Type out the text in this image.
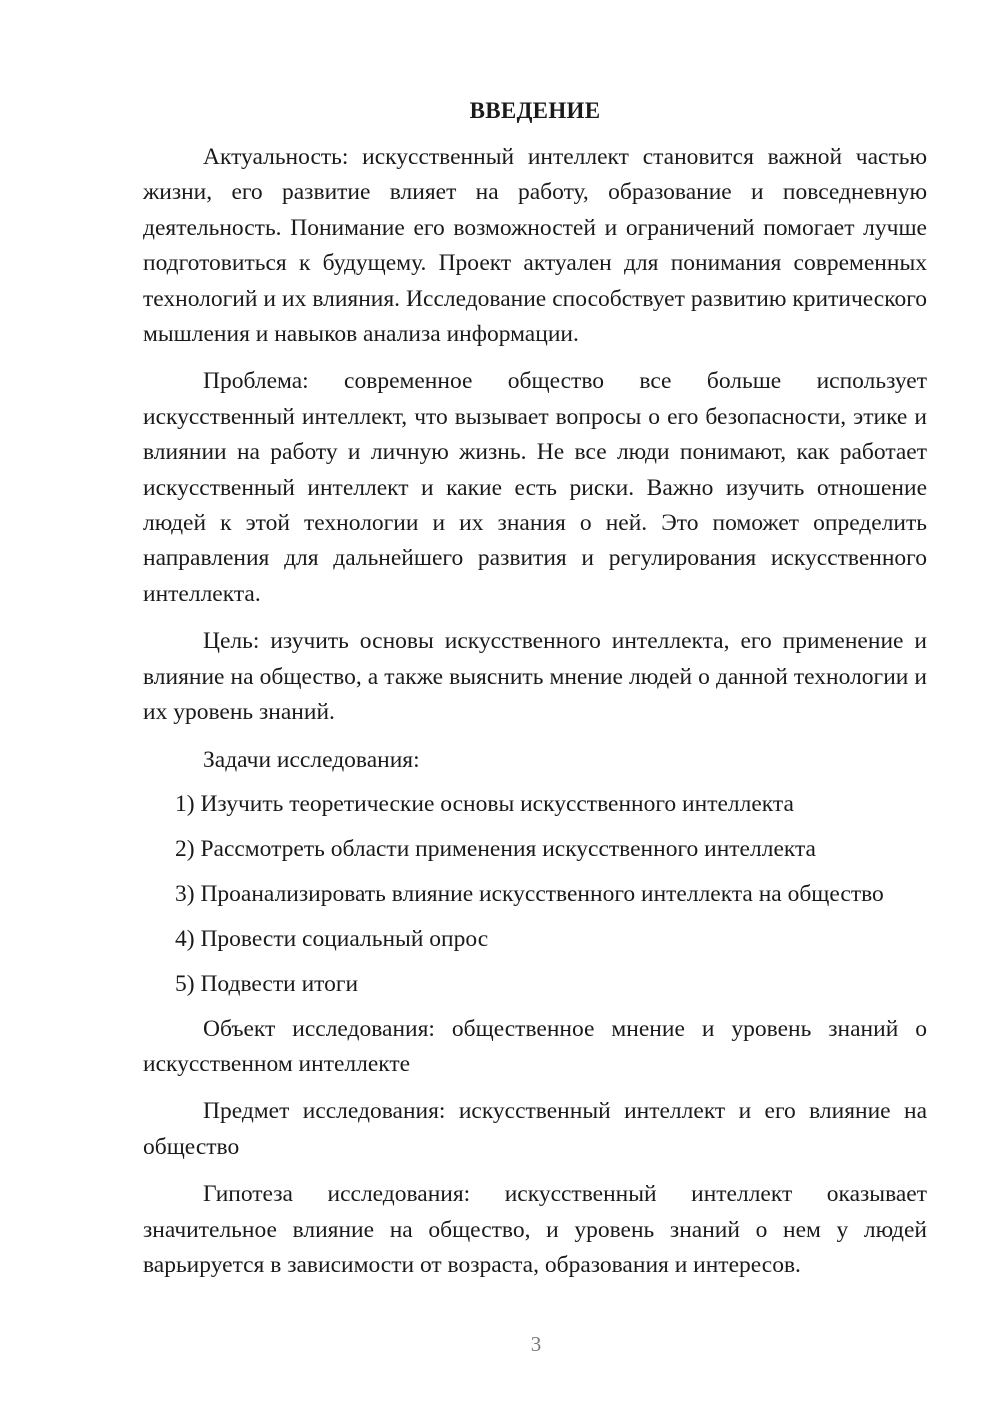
ВВЕДЕНИЕ

Актуальность: искусственный интеллект становится важной частью жизни, его развитие влияет на работу, образование и повседневную деятельность. Понимание его возможностей и ограничений помогает лучше подготовиться к будущему. Проект актуален для понимания современных технологий и их влияния. Исследование способствует развитию критического мышления и навыков анализа информации.

Проблема: современное общество все больше использует искусственный интеллект, что вызывает вопросы о его безопасности, этике и влиянии на работу и личную жизнь. Не все люди понимают, как работает искусственный интеллект и какие есть риски. Важно изучить отношение людей к этой технологии и их знания о ней. Это поможет определить направления для дальнейшего развития и регулирования искусственного интеллекта.

Цель: изучить основы искусственного интеллекта, его применение и влияние на общество, а также выяснить мнение людей о данной технологии и их уровень знаний.

Задачи исследования:
1) Изучить теоретические основы искусственного интеллекта
2) Рассмотреть области применения искусственного интеллекта
3) Проанализировать влияние искусственного интеллекта на общество
4) Провести социальный опрос
5) Подвести итоги

Объект исследования: общественное мнение и уровень знаний о искусственном интеллекте

Предмет исследования: искусственный интеллект и его влияние на общество

Гипотеза исследования: искусственный интеллект оказывает значительное влияние на общество, и уровень знаний о нем у людей варьируется в зависимости от возраста, образования и интересов.

3
